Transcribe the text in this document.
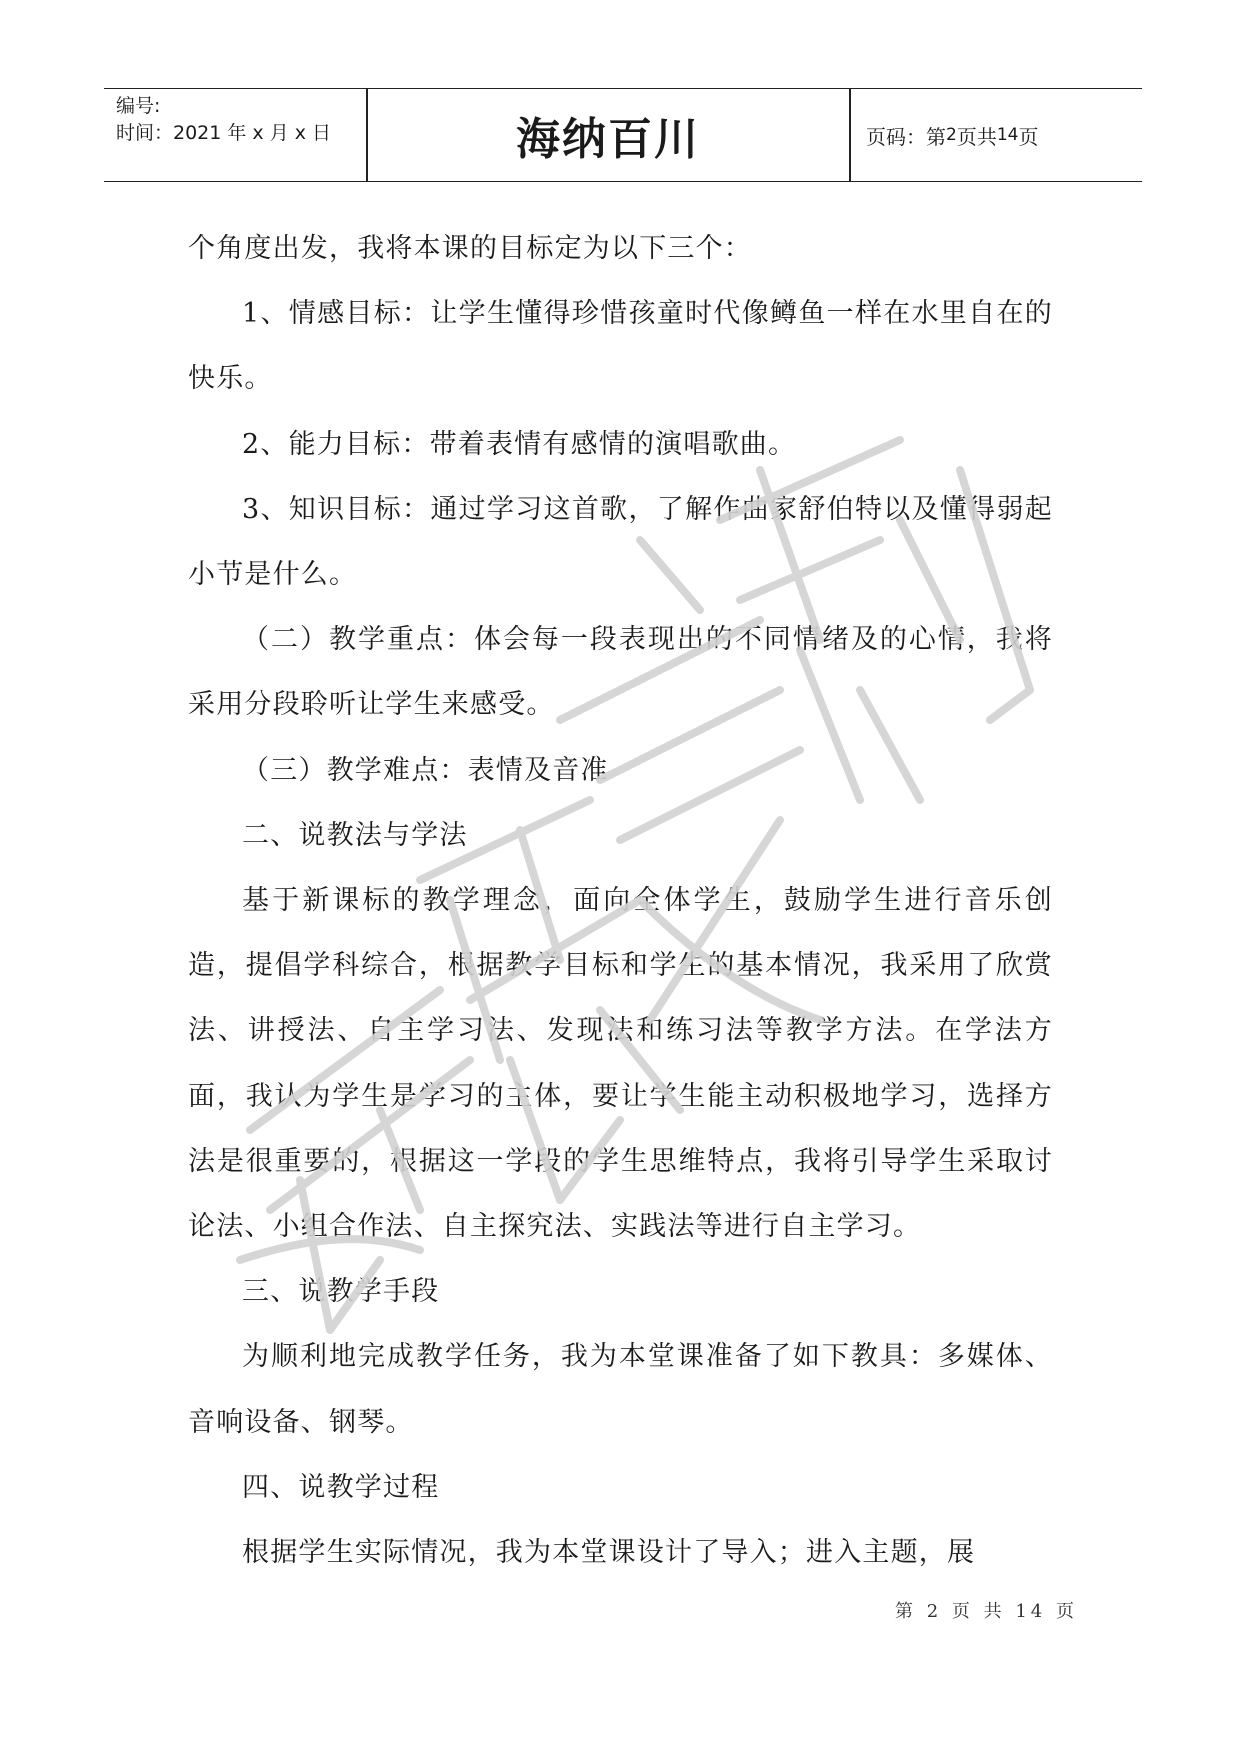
编号:
时间：2021 年 x 月 x 日	海纳百川	页码：第 2 页共 14 页

个角度出发，我将本课的目标定为以下三个：

1、情感目标：让学生懂得珍惜孩童时代像鳟鱼一样在水里自在的快乐。

2、能力目标：带着表情有感情的演唱歌曲。

3、知识目标：通过学习这首歌，了解作曲家舒伯特以及懂得弱起小节是什么。

（二）教学重点：体会每一段表现出的不同情绪及的心情，我将采用分段聆听让学生来感受。

（三）教学难点：表情及音准

二、说教法与学法

基于新课标的教学理念，面向全体学生，鼓励学生进行音乐创造，提倡学科综合，根据教学目标和学生的基本情况，我采用了欣赏法、讲授法、自主学习法、发现法和练习法等教学方法。在学法方面，我认为学生是学习的主体，要让学生能主动积极地学习，选择方法是很重要的，根据这一学段的学生思维特点，我将引导学生采取讨论法、小组合作法、自主探究法、实践法等进行自主学习。

三、说教学手段

为顺利地完成教学任务，我为本堂课准备了如下教具：多媒体、音响设备、钢琴。

四、说教学过程

根据学生实际情况，我为本堂课设计了导入；进入主题，展

第 2 页 共 14 页
